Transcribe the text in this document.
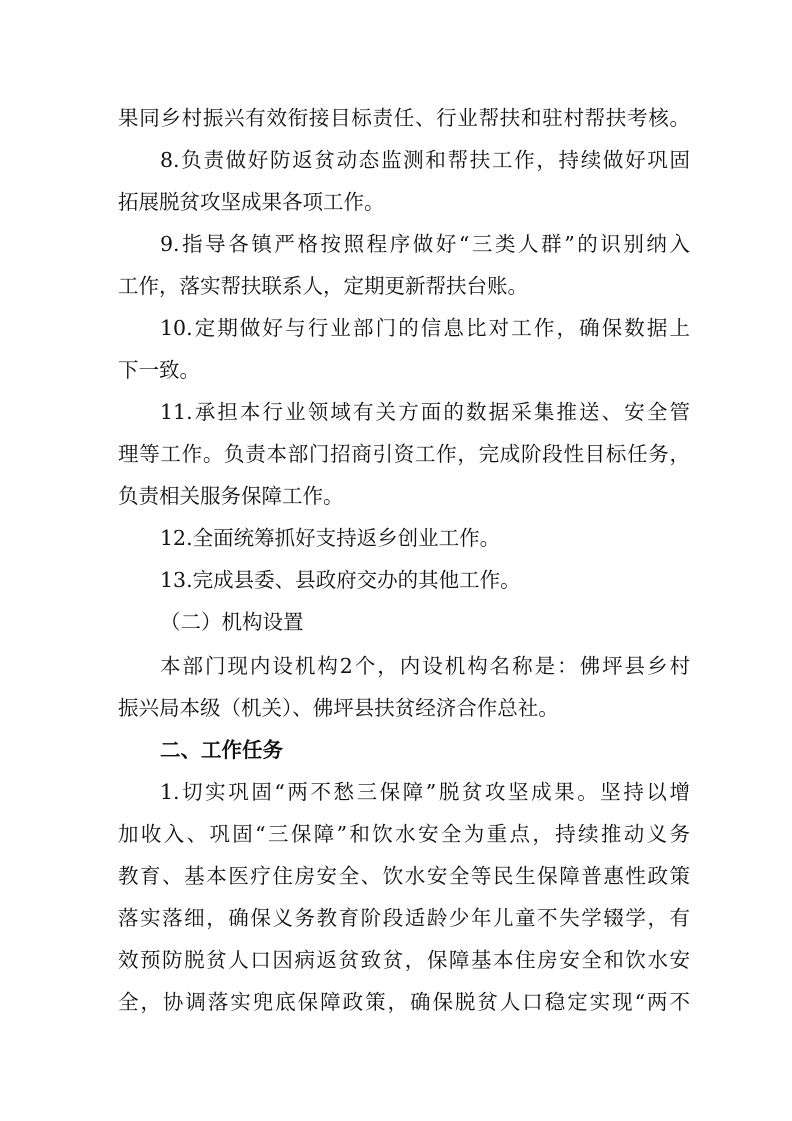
果同乡村振兴有效衔接目标责任、行业帮扶和驻村帮扶考核。
8.负责做好防返贫动态监测和帮扶工作，持续做好巩固
拓展脱贫攻坚成果各项工作。
9.指导各镇严格按照程序做好“三类人群”的识别纳入
工作，落实帮扶联系人，定期更新帮扶台账。
10.定期做好与行业部门的信息比对工作，确保数据上
下一致。
11.承担本行业领域有关方面的数据采集推送、安全管
理等工作。负责本部门招商引资工作，完成阶段性目标任务，
负责相关服务保障工作。
12.全面统筹抓好支持返乡创业工作。
13.完成县委、县政府交办的其他工作。
（二）机构设置
本部门现内设机构2个，内设机构名称是：佛坪县乡村
振兴局本级（机关）、佛坪县扶贫经济合作总社。
二、工作任务
1.切实巩固“两不愁三保障”脱贫攻坚成果。坚持以增
加收入、巩固“三保障”和饮水安全为重点，持续推动义务
教育、基本医疗住房安全、饮水安全等民生保障普惠性政策
落实落细，确保义务教育阶段适龄少年儿童不失学辍学，有
效预防脱贫人口因病返贫致贫，保障基本住房安全和饮水安
全，协调落实兜底保障政策，确保脱贫人口稳定实现“两不
